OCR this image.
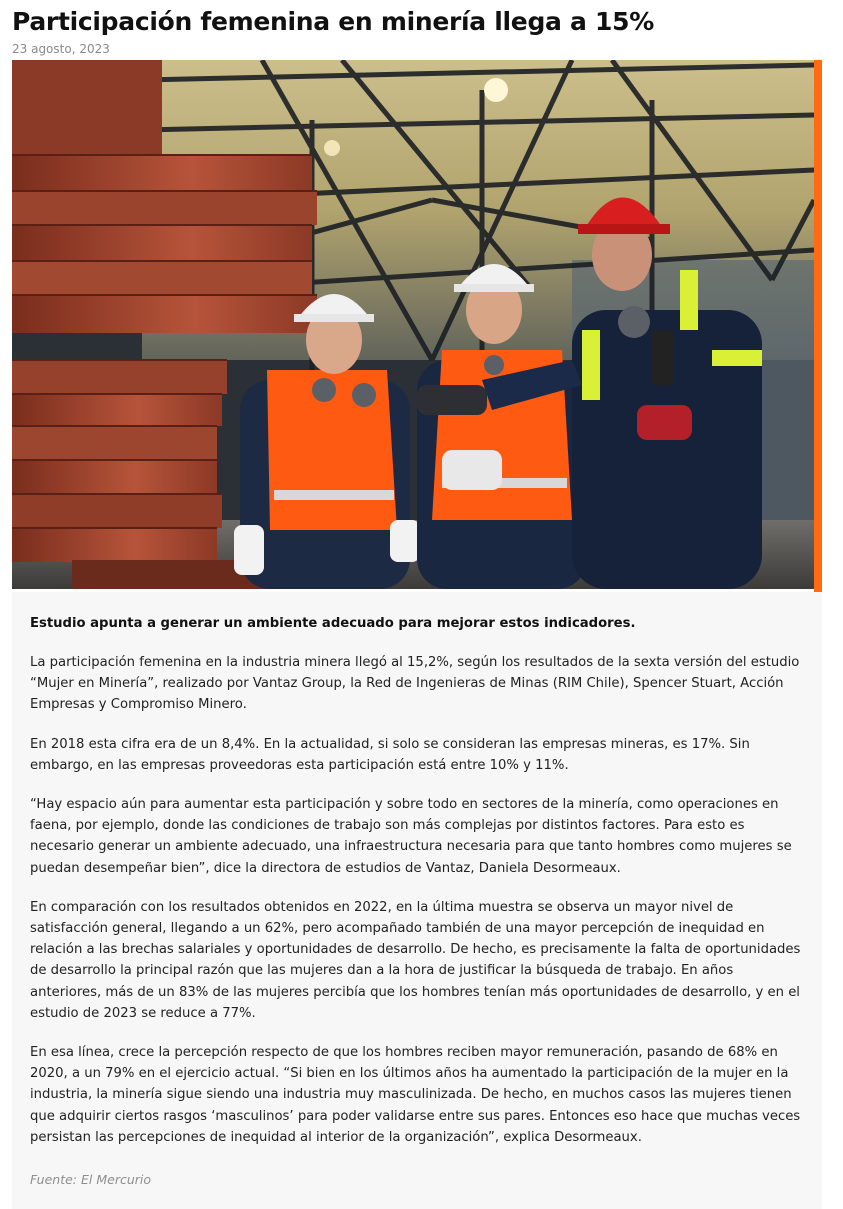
Participación femenina en minería llega a 15%
23 agosto, 2023

Estudio apunta a generar un ambiente adecuado para mejorar estos indicadores.

La participación femenina en la industria minera llegó al 15,2%, según los resultados de la sexta versión del estudio “Mujer en Minería”, realizado por Vantaz Group, la Red de Ingenieras de Minas (RIM Chile), Spencer Stuart, Acción Empresas y Compromiso Minero.

En 2018 esta cifra era de un 8,4%. En la actualidad, si solo se consideran las empresas mineras, es 17%. Sin embargo, en las empresas proveedoras esta participación está entre 10% y 11%.

“Hay espacio aún para aumentar esta participación y sobre todo en sectores de la minería, como operaciones en faena, por ejemplo, donde las condiciones de trabajo son más complejas por distintos factores. Para esto es necesario generar un ambiente adecuado, una infraestructura necesaria para que tanto hombres como mujeres se puedan desempeñar bien”, dice la directora de estudios de Vantaz, Daniela Desormeaux.

En comparación con los resultados obtenidos en 2022, en la última muestra se observa un mayor nivel de satisfacción general, llegando a un 62%, pero acompañado también de una mayor percepción de inequidad en relación a las brechas salariales y oportunidades de desarrollo. De hecho, es precisamente la falta de oportunidades de desarrollo la principal razón que las mujeres dan a la hora de justificar la búsqueda de trabajo. En años anteriores, más de un 83% de las mujeres percibía que los hombres tenían más oportunidades de desarrollo, y en el estudio de 2023 se reduce a 77%.

En esa línea, crece la percepción respecto de que los hombres reciben mayor remuneración, pasando de 68% en 2020, a un 79% en el ejercicio actual. “Si bien en los últimos años ha aumentado la participación de la mujer en la industria, la minería sigue siendo una industria muy masculinizada. De hecho, en muchos casos las mujeres tienen que adquirir ciertos rasgos ‘masculinos’ para poder validarse entre sus pares. Entonces eso hace que muchas veces persistan las percepciones de inequidad al interior de la organización”, explica Desormeaux.

Fuente: El Mercurio
